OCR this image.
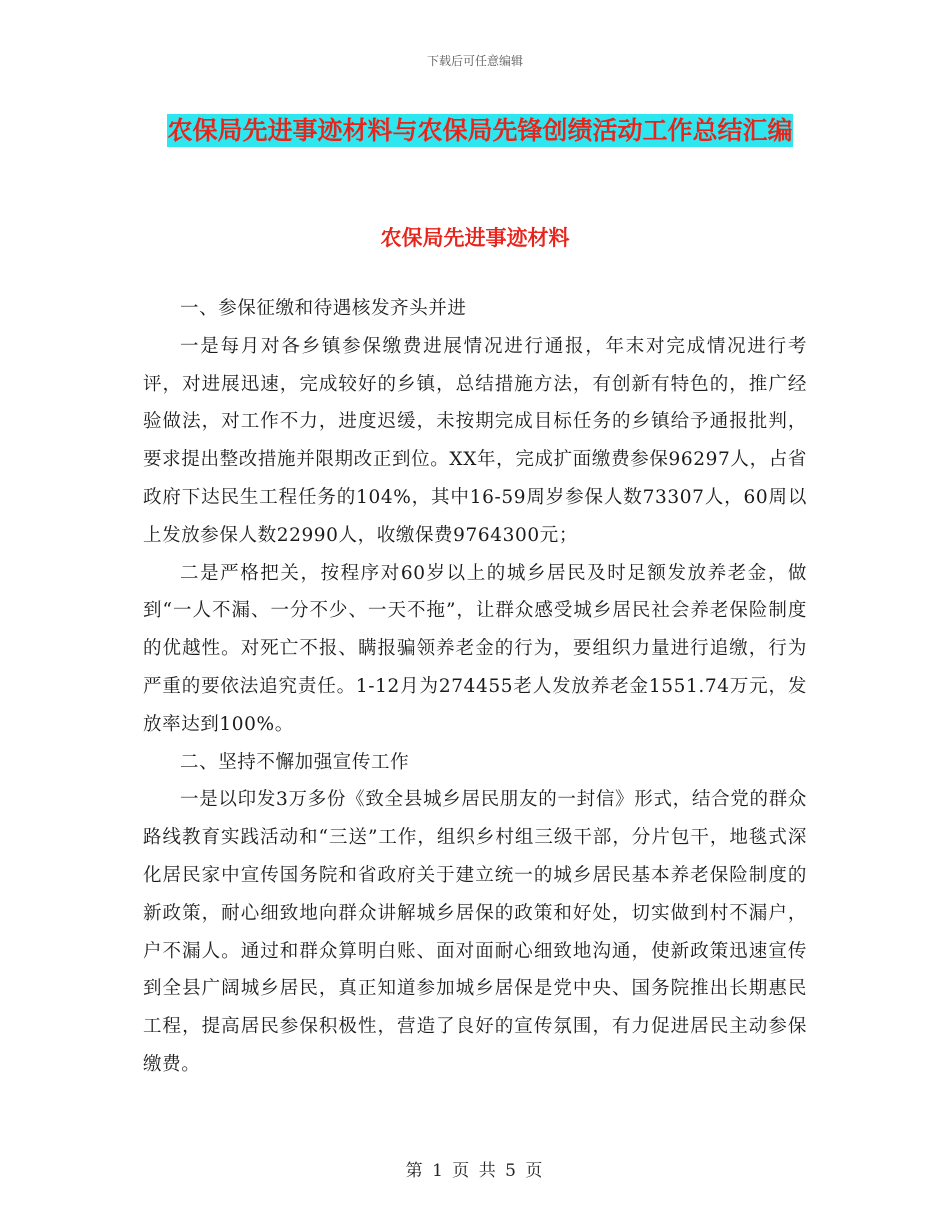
下载后可任意编辑
农保局先进事迹材料与农保局先锋创绩活动工作总结汇编
农保局先进事迹材料

一、参保征缴和待遇核发齐头并进

一是每月对各乡镇参保缴费进展情况进行通报，年末对完成情况进行考评，对进展迅速，完成较好的乡镇，总结措施方法，有创新有特色的，推广经验做法，对工作不力，进度迟缓，未按期完成目标任务的乡镇给予通报批判，要求提出整改措施并限期改正到位。XX年，完成扩面缴费参保96297人，占省政府下达民生工程任务的104%，其中16-59周岁参保人数73307人，60周以上发放参保人数22990人，收缴保费9764300元；

二是严格把关，按程序对60岁以上的城乡居民及时足额发放养老金，做到“一人不漏、一分不少、一天不拖”，让群众感受城乡居民社会养老保险制度的优越性。对死亡不报、瞒报骗领养老金的行为，要组织力量进行追缴，行为严重的要依法追究责任。1-12月为274455老人发放养老金1551.74万元，发放率达到100%。

二、坚持不懈加强宣传工作

一是以印发3万多份《致全县城乡居民朋友的一封信》形式，结合党的群众路线教育实践活动和“三送”工作，组织乡村组三级干部，分片包干，地毯式深化居民家中宣传国务院和省政府关于建立统一的城乡居民基本养老保险制度的新政策，耐心细致地向群众讲解城乡居保的政策和好处，切实做到村不漏户，户不漏人。通过和群众算明白账、面对面耐心细致地沟通，使新政策迅速宣传到全县广阔城乡居民，真正知道参加城乡居保是党中央、国务院推出长期惠民工程，提高居民参保积极性，营造了良好的宣传氛围，有力促进居民主动参保缴费。

第 1 页 共 5 页
